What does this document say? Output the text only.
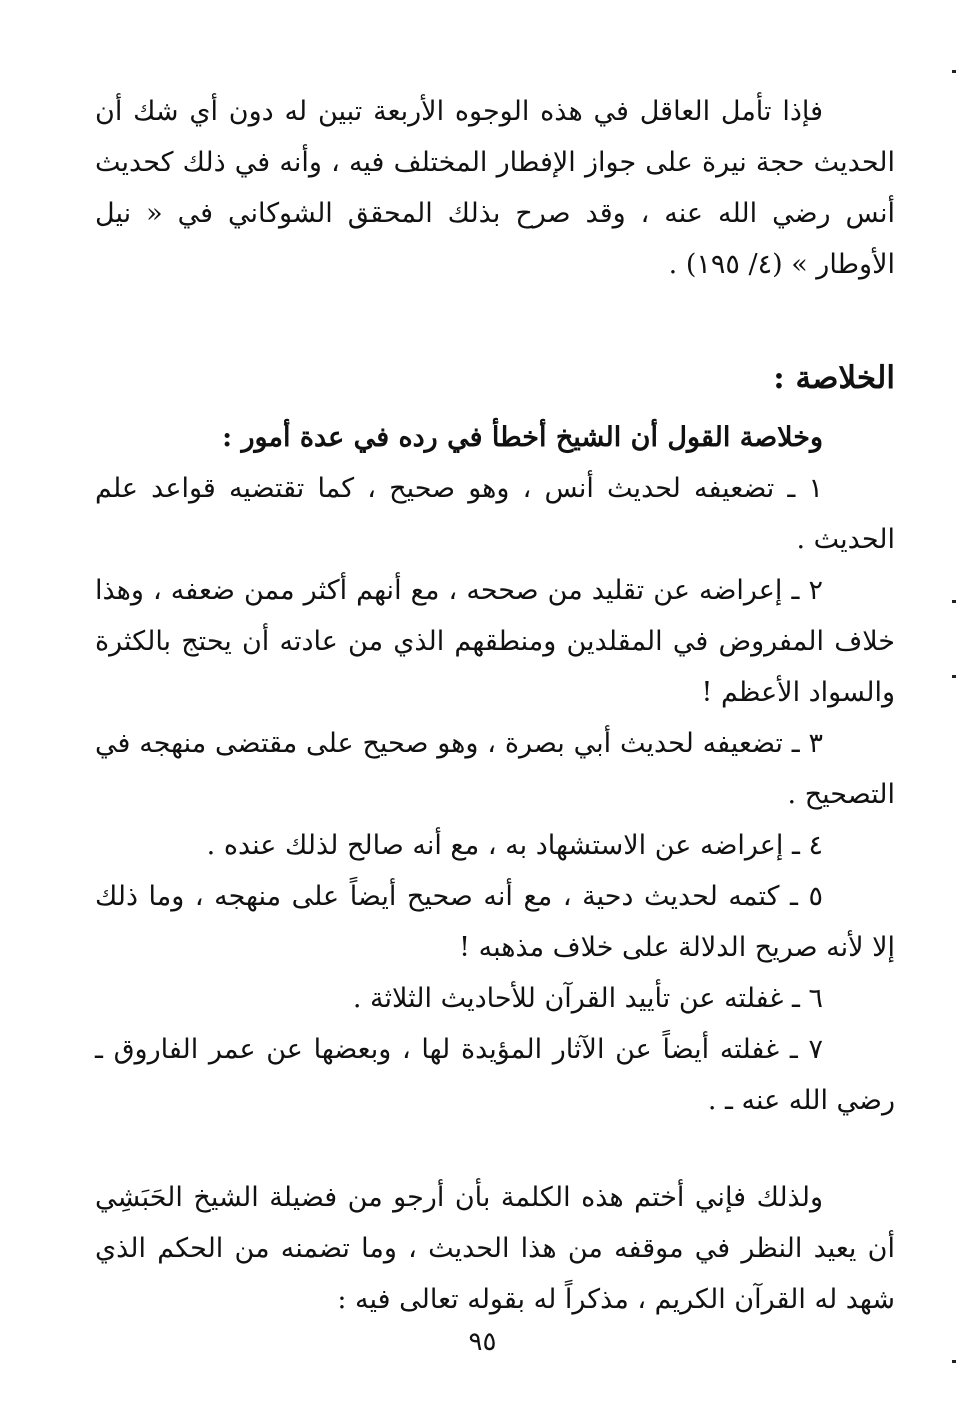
فإذا تأمل العاقل في هذه الوجوه الأربعة تبين له دون أي شك أن الحديث حجة نيرة على جواز الإفطار المختلف فيه ، وأنه في ذلك كحديث أنس رضي الله عنه ، وقد صرح بذلك المحقق الشوكاني في « نيل الأوطار » (٤/ ١٩٥) .

الخلاصة :

وخلاصة القول أن الشيخ أخطأ في رده في عدة أمور :

١ ـ تضعيفه لحديث أنس ، وهو صحيح ، كما تقتضيه قواعد علم الحديث .

٢ ـ إعراضه عن تقليد من صححه ، مع أنهم أكثر ممن ضعفه ، وهذا خلاف المفروض في المقلدين ومنطقهم الذي من عادته أن يحتج بالكثرة والسواد الأعظم !

٣ ـ تضعيفه لحديث أبي بصرة ، وهو صحيح على مقتضى منهجه في التصحيح .

٤ ـ إعراضه عن الاستشهاد به ، مع أنه صالح لذلك عنده .

٥ ـ كتمه لحديث دحية ، مع أنه صحيح أيضاً على منهجه ، وما ذلك إلا لأنه صريح الدلالة على خلاف مذهبه !

٦ ـ غفلته عن تأييد القرآن للأحاديث الثلاثة .

٧ ـ غفلته أيضاً عن الآثار المؤيدة لها ، وبعضها عن عمر الفاروق ـ رضي الله عنه ـ .

ولذلك فإني أختم هذه الكلمة بأن أرجو من فضيلة الشيخ الحَبَشِي أن يعيد النظر في موقفه من هذا الحديث ، وما تضمنه من الحكم الذي شهد له القرآن الكريم ، مذكراً له بقوله تعالى فيه :

٩٥
